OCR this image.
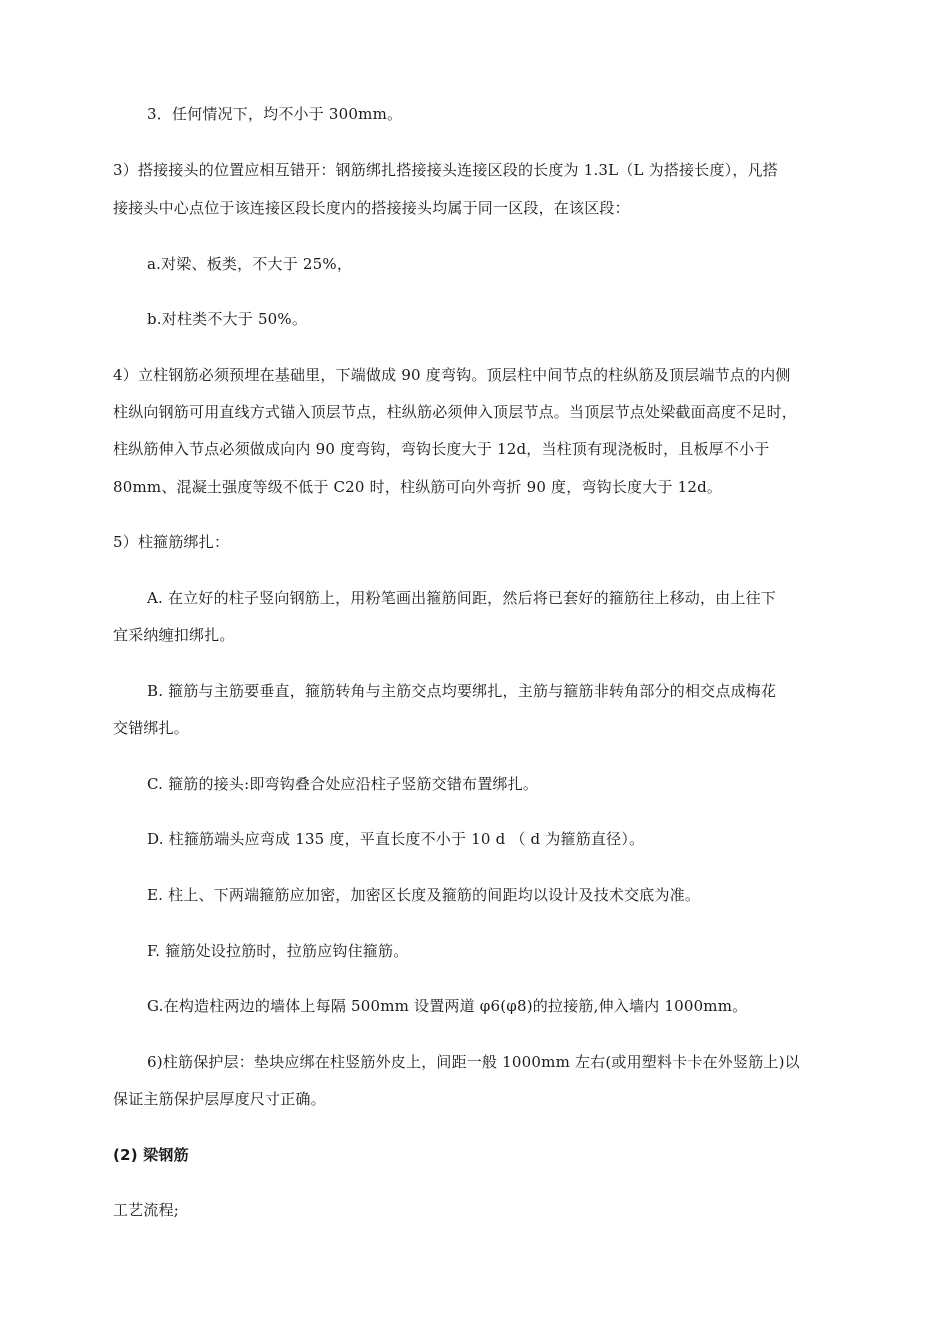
3．任何情况下，均不小于 300mm。
3）搭接接头的位置应相互错开：钢筋绑扎搭接接头连接区段的长度为 1.3L（L 为搭接长度），凡搭
接接头中心点位于该连接区段长度内的搭接接头均属于同一区段，在该区段：
a.对梁、板类，不大于 25%，
b.对柱类不大于 50%。
4）立柱钢筋必须预埋在基础里，下端做成 90 度弯钩。顶层柱中间节点的柱纵筋及顶层端节点的内侧
柱纵向钢筋可用直线方式锚入顶层节点，柱纵筋必须伸入顶层节点。当顶层节点处梁截面高度不足时，
柱纵筋伸入节点必须做成向内 90 度弯钩，弯钩长度大于 12d，当柱顶有现浇板时，且板厚不小于
80mm、混凝土强度等级不低于 C20 时，柱纵筋可向外弯折 90 度，弯钩长度大于 12d。
5）柱箍筋绑扎：
A. 在立好的柱子竖向钢筋上，用粉笔画出箍筋间距，然后将已套好的箍筋往上移动，由上往下
宜采纳缠扣绑扎。
B. 箍筋与主筋要垂直，箍筋转角与主筋交点均要绑扎，主筋与箍筋非转角部分的相交点成梅花
交错绑扎。
C. 箍筋的接头:即弯钩叠合处应沿柱子竖筋交错布置绑扎。
D. 柱箍筋端头应弯成 135 度，平直长度不小于 10 d （ d 为箍筋直径）。
E. 柱上、下两端箍筋应加密，加密区长度及箍筋的间距均以设计及技术交底为准。
F. 箍筋处设拉筋时，拉筋应钩住箍筋。
G.在构造柱两边的墙体上每隔 500mm 设置两道 φ6(φ8)的拉接筋,伸入墙内 1000mm。
6)柱筋保护层：垫块应绑在柱竖筋外皮上，间距一般 1000mm 左右(或用塑料卡卡在外竖筋上)以
保证主筋保护层厚度尺寸正确。
(2) 梁钢筋
工艺流程;
